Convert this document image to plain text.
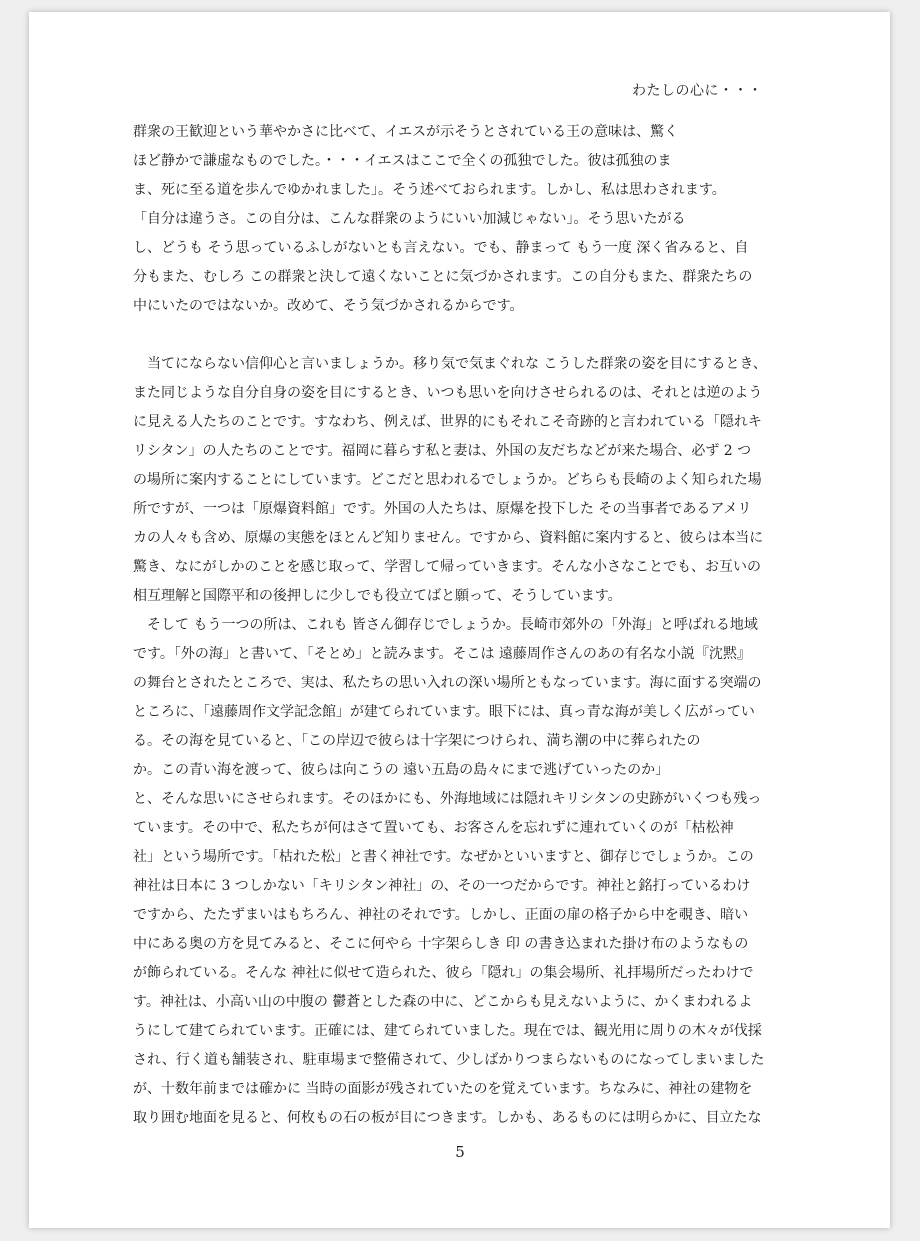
わたしの心に・・・
群衆の王歓迎という華やかさに比べて、イエスが示そうとされている王の意味は、驚く
ほど静かで謙虚なものでした。・・・イエスはここで全くの孤独でした。彼は孤独のま
ま、死に至る道を歩んでゆかれました」。そう述べておられます。しかし、私は思わされます。
「自分は違うさ。この自分は、こんな群衆のようにいい加減じゃない」。そう思いたがる
し、どうも そう思っているふしがないとも言えない。でも、静まって もう一度 深く省みると、自
分もまた、むしろ この群衆と決して遠くないことに気づかされます。この自分もまた、群衆たちの
中にいたのではないか。改めて、そう気づかされるからです。
　当てにならない信仰心と言いましょうか。移り気で気まぐれな こうした群衆の姿を目にするとき、
また同じような自分自身の姿を目にするとき、いつも思いを向けさせられるのは、それとは逆のよう
に見える人たちのことです。すなわち、例えば、世界的にもそれこそ奇跡的と言われている「隠れキ
リシタン」の人たちのことです。福岡に暮らす私と妻は、外国の友だちなどが来た場合、必ず 2 つ
の場所に案内することにしています。どこだと思われるでしょうか。どちらも長崎のよく知られた場
所ですが、一つは「原爆資料館」です。外国の人たちは、原爆を投下した その当事者であるアメリ
カの人々も含め、原爆の実態をほとんど知りません。ですから、資料館に案内すると、彼らは本当に
驚き、なにがしかのことを感じ取って、学習して帰っていきます。そんな小さなことでも、お互いの
相互理解と国際平和の後押しに少しでも役立てばと願って、そうしています。
　そして もう一つの所は、これも 皆さん御存じでしょうか。長崎市郊外の「外海」と呼ばれる地域
です。「外の海」と書いて、「そとめ」と読みます。そこは 遠藤周作さんのあの有名な小説『沈黙』
の舞台とされたところで、実は、私たちの思い入れの深い場所ともなっています。海に面する突端の
ところに、「遠藤周作文学記念館」が建てられています。眼下には、真っ青な海が美しく広がってい
る。その海を見ていると、「この岸辺で彼らは十字架につけられ、満ち潮の中に葬られたの
か。この青い海を渡って、彼らは向こうの 遠い五島の島々にまで逃げていったのか」
と、そんな思いにさせられます。そのほかにも、外海地域には隠れキリシタンの史跡がいくつも残っ
ています。その中で、私たちが何はさて置いても、お客さんを忘れずに連れていくのが「枯松神
社」という場所です。「枯れた松」と書く神社です。なぜかといいますと、御存じでしょうか。この
神社は日本に 3 つしかない「キリシタン神社」の、その一つだからです。神社と銘打っているわけ
ですから、たたずまいはもちろん、神社のそれです。しかし、正面の扉の格子から中を覗き、暗い
中にある奥の方を見てみると、そこに何やら 十字架らしき 印 の書き込まれた掛け布のようなもの
が飾られている。そんな 神社に似せて造られた、彼ら「隠れ」の集会場所、礼拝場所だったわけで
す。神社は、小高い山の中腹の 鬱蒼とした森の中に、どこからも見えないように、かくまわれるよ
うにして建てられています。正確には、建てられていました。現在では、観光用に周りの木々が伐採
され、行く道も舗装され、駐車場まで整備されて、少しばかりつまらないものになってしまいました
が、十数年前までは確かに 当時の面影が残されていたのを覚えています。ちなみに、神社の建物を
取り囲む地面を見ると、何枚もの石の板が目につきます。しかも、あるものには明らかに、目立たな
5
